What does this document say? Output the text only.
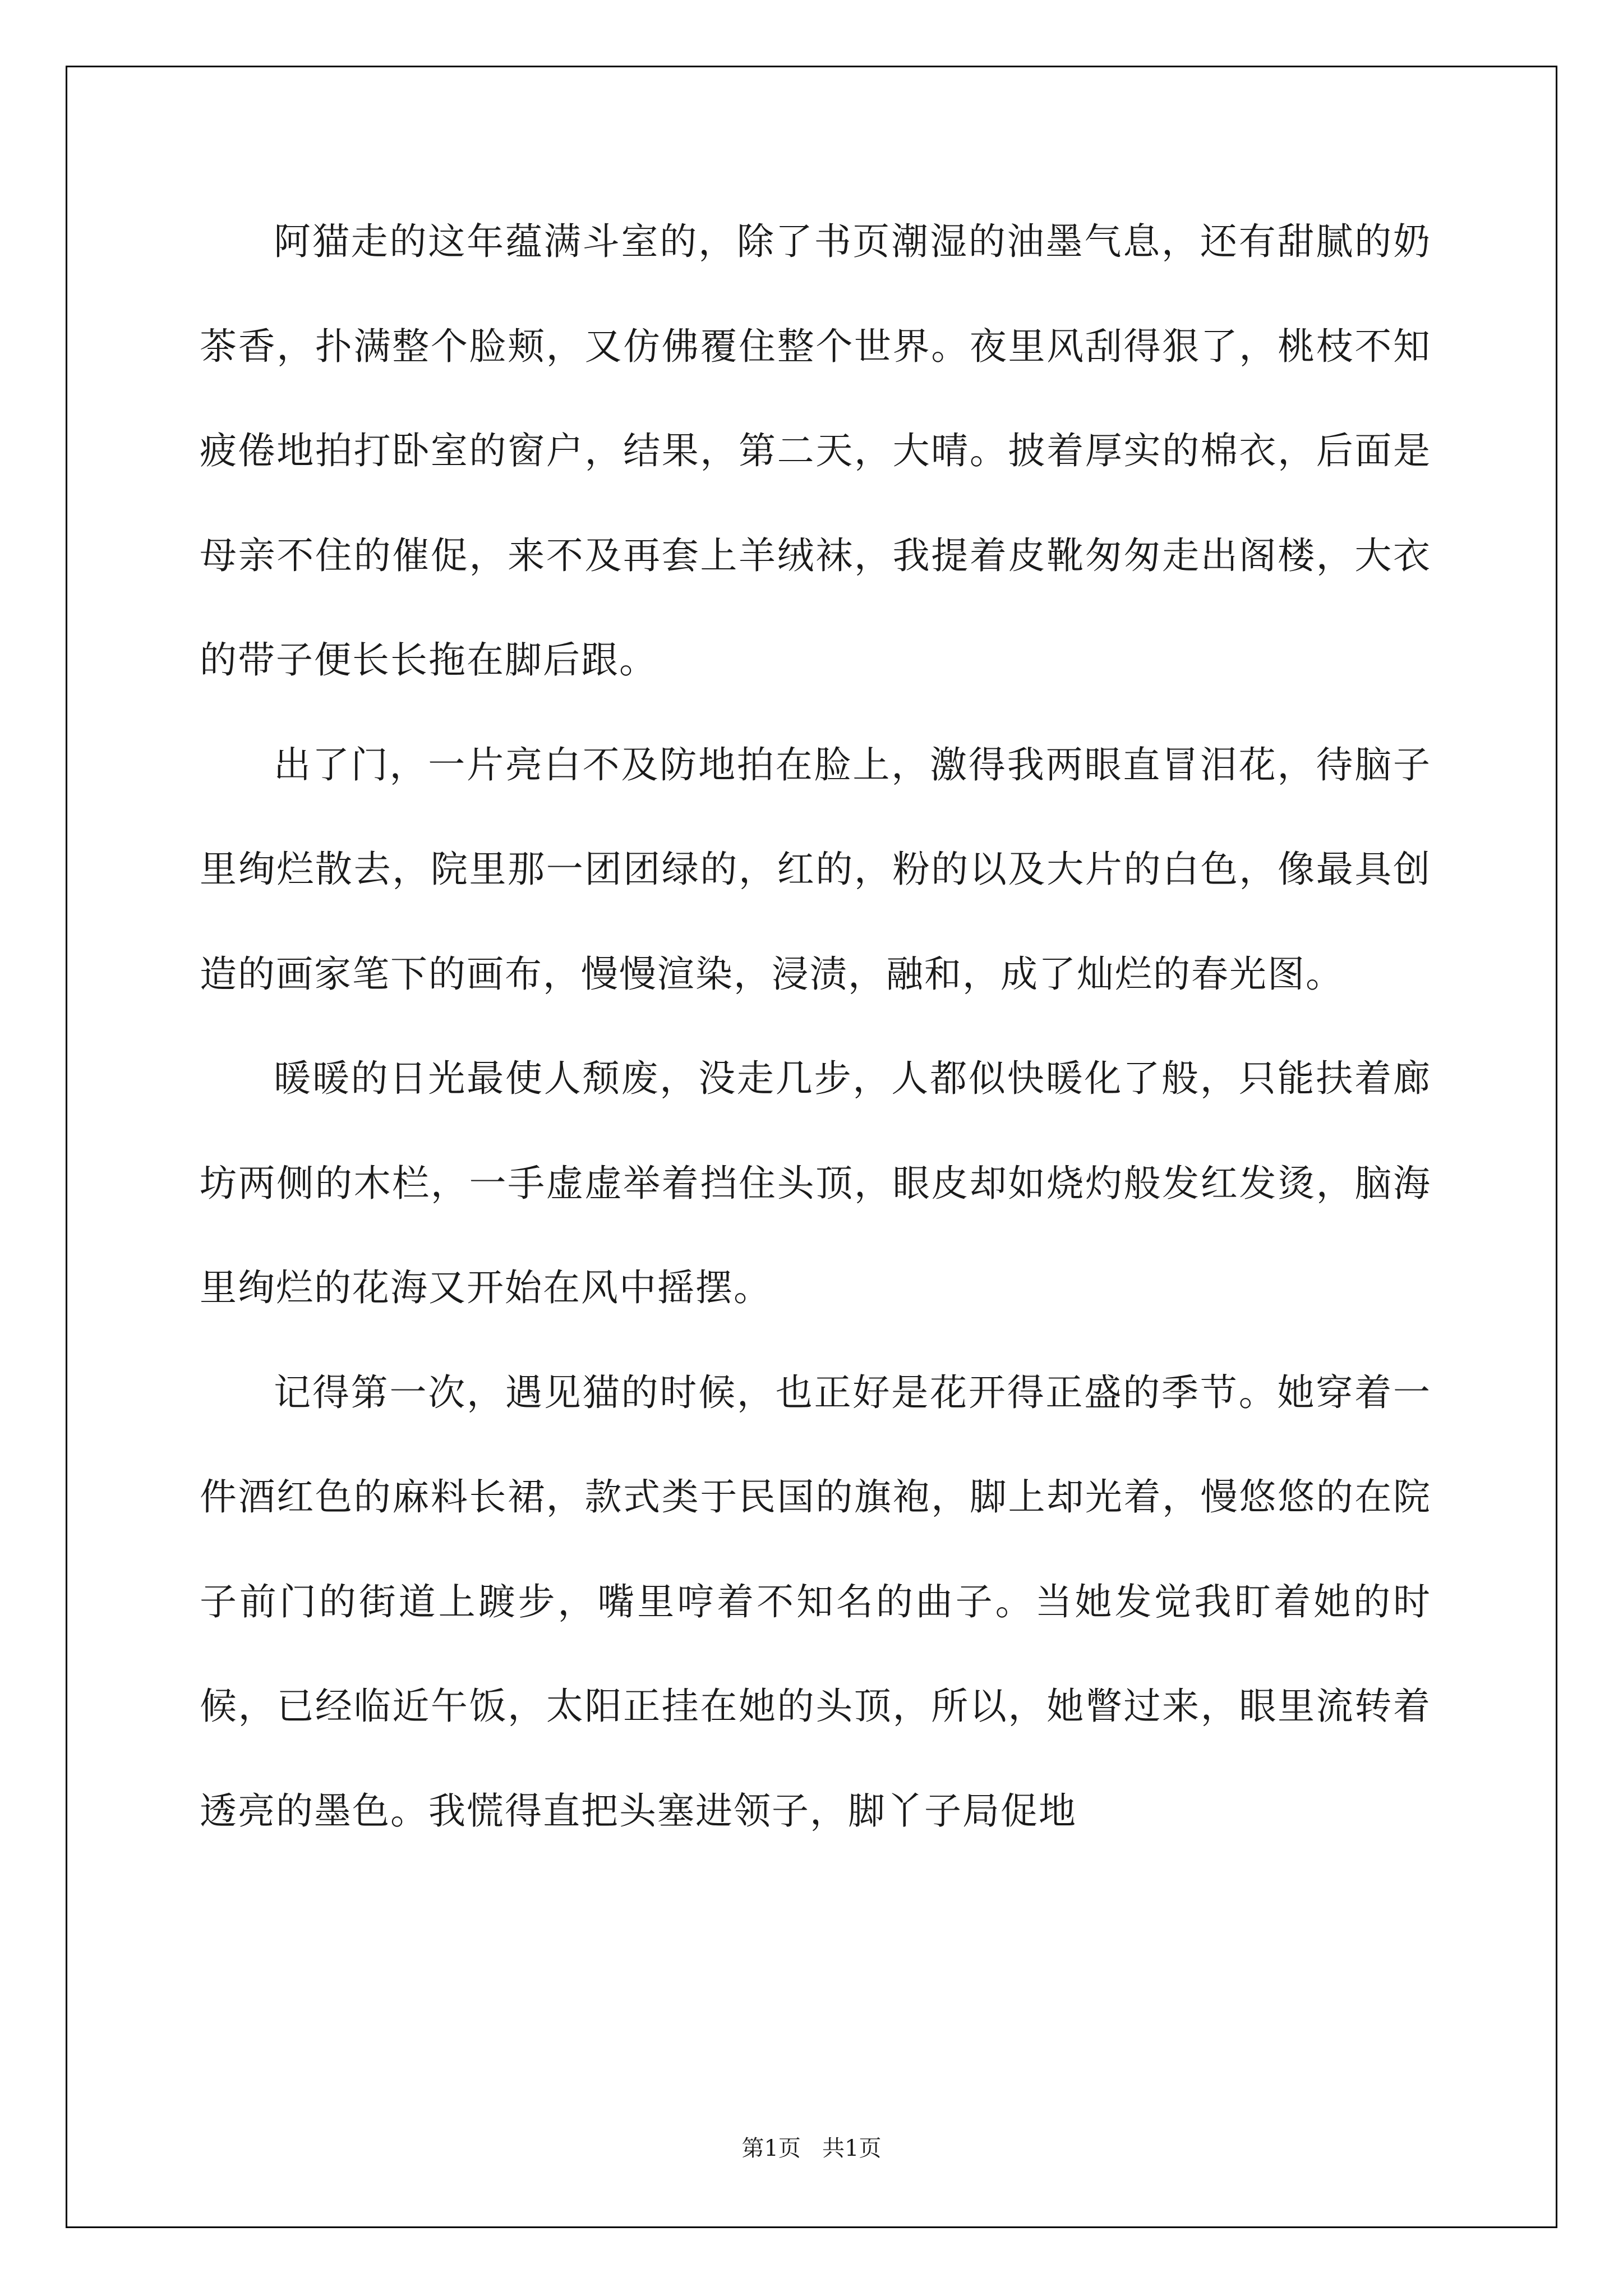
阿猫走的这年蕴满斗室的，除了书页潮湿的油墨气息，还有甜腻的奶茶香，扑满整个脸颊，又仿佛覆住整个世界。夜里风刮得狠了，桃枝不知疲倦地拍打卧室的窗户，结果，第二天，大晴。披着厚实的棉衣，后面是母亲不住的催促，来不及再套上羊绒袜，我提着皮靴匆匆走出阁楼，大衣的带子便长长拖在脚后跟。

出了门，一片亮白不及防地拍在脸上，激得我两眼直冒泪花，待脑子里绚烂散去，院里那一团团绿的，红的，粉的以及大片的白色，像最具创造的画家笔下的画布，慢慢渲染，浸渍，融和，成了灿烂的春光图。

暖暖的日光最使人颓废，没走几步，人都似快暖化了般，只能扶着廊坊两侧的木栏，一手虚虚举着挡住头顶，眼皮却如烧灼般发红发烫，脑海里绚烂的花海又开始在风中摇摆。

记得第一次，遇见猫的时候，也正好是花开得正盛的季节。她穿着一件酒红色的麻料长裙，款式类于民国的旗袍，脚上却光着，慢悠悠的在院子前门的街道上踱步，嘴里哼着不知名的曲子。当她发觉我盯着她的时候，已经临近午饭，太阳正挂在她的头顶，所以，她瞥过来，眼里流转着透亮的墨色。我慌得直把头塞进领子，脚丫子局促地

第1页   共1页
